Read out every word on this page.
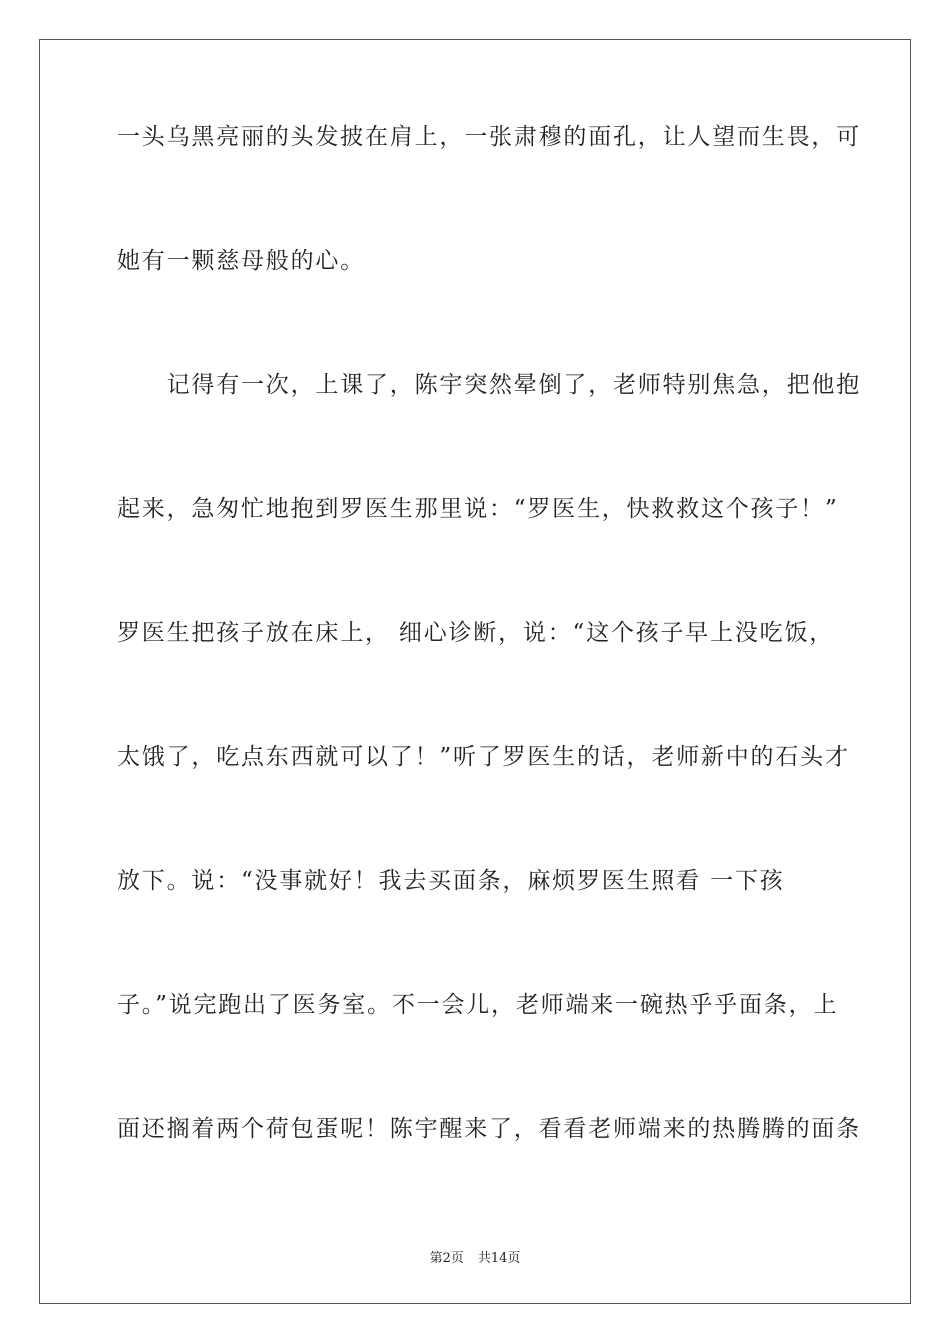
一头乌黑亮丽的头发披在肩上，一张肃穆的面孔，让人望而生畏，可
她有一颗慈母般的心。
　　记得有一次，上课了，陈宇突然晕倒了，老师特别焦急，把他抱
起来，急匆忙地抱到罗医生那里说：“罗医生，快救救这个孩子！”
罗医生把孩子放在床上， 细心诊断，说：“这个孩子早上没吃饭，
太饿了，吃点东西就可以了！”听了罗医生的话，老师新中的石头才
放下。说：“没事就好！我去买面条，麻烦罗医生照看 一下孩
子。”说完跑出了医务室。不一会儿，老师端来一碗热乎乎面条，上
面还搁着两个荷包蛋呢！陈宇醒来了，看看老师端来的热腾腾的面条
第2页 共14页
